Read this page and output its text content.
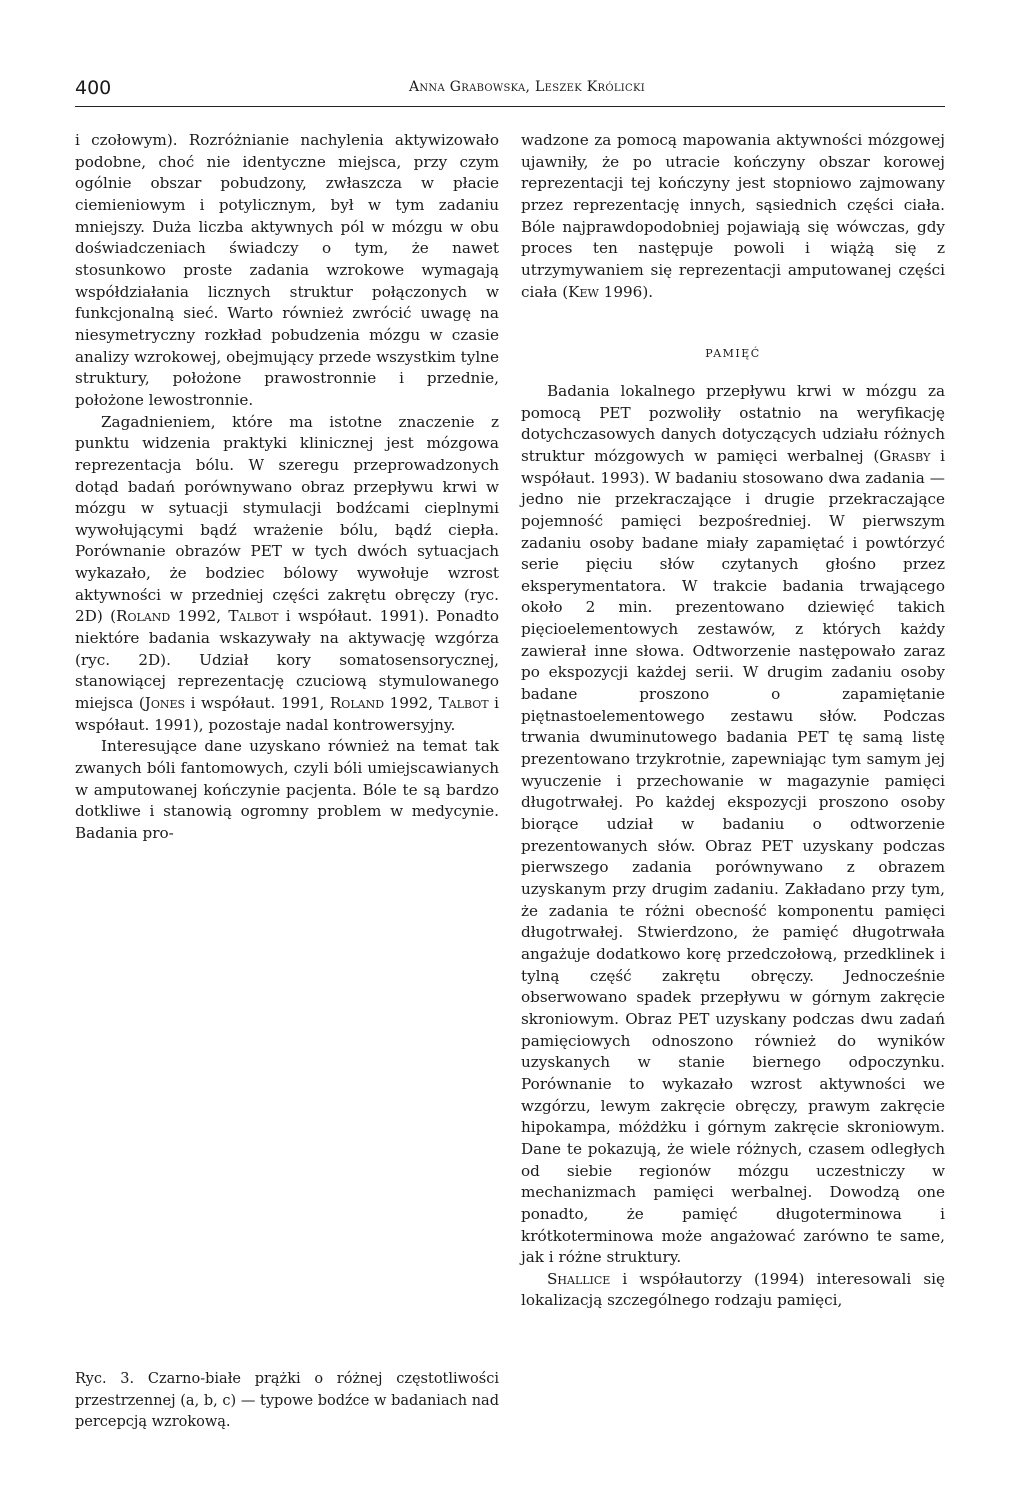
400	Anna Grabowska, Leszek Królicki

i czołowym). Rozróżnianie nachylenia aktywizowało podobne, choć nie identyczne miejsca, przy czym ogólnie obszar pobudzony, zwłaszcza w płacie ciemieniowym i potylicznym, był w tym zadaniu mniejszy. Duża liczba aktywnych pól w mózgu w obu doświadczeniach świadczy o tym, że nawet stosunkowo proste zadania wzrokowe wymagają współdziałania licznych struktur połączonych w funkcjonalną sieć. Warto również zwrócić uwagę na niesymetryczny rozkład pobudzenia mózgu w czasie analizy wzrokowej, obejmujący przede wszystkim tylne struktury, położone prawostronnie i przednie, położone lewostronnie.

Zagadnieniem, które ma istotne znaczenie z punktu widzenia praktyki klinicznej jest mózgowa reprezentacja bólu. W szeregu przeprowadzonych dotąd badań porównywano obraz przepływu krwi w mózgu w sytuacji stymulacji bodźcami cieplnymi wywołującymi bądź wrażenie bólu, bądź ciepła. Porównanie obrazów PET w tych dwóch sytuacjach wykazało, że bodziec bólowy wywołuje wzrost aktywności w przedniej części zakrętu obręczy (ryc. 2D) (Roland 1992, Talbot i współaut. 1991). Ponadto niektóre badania wskazywały na aktywację wzgórza (ryc. 2D). Udział kory somatosensorycznej, stanowiącej reprezentację czuciową stymulowanego miejsca (Jones i współaut. 1991, Roland 1992, Talbot i współaut. 1991), pozostaje nadal kontrowersyjny.

Interesujące dane uzyskano również na temat tak zwanych bóli fantomowych, czyli bóli umiejscawianych w amputowanej kończynie pacjenta. Bóle te są bardzo dotkliwe i stanowią ogromny problem w medycynie. Badania pro-

Ryc. 3. Czarno-białe prążki o różnej częstotliwości przestrzennej (a, b, c) — typowe bodźce w badaniach nad percepcją wzrokową.

wadzone za pomocą mapowania aktywności mózgowej ujawniły, że po utracie kończyny obszar korowej reprezentacji tej kończyny jest stopniowo zajmowany przez reprezentację innych, sąsiednich części ciała. Bóle najprawdopodobniej pojawiają się wówczas, gdy proces ten następuje powoli i wiążą się z utrzymywaniem się reprezentacji amputowanej części ciała (Kew 1996).

PAMIĘĆ

Badania lokalnego przepływu krwi w mózgu za pomocą PET pozwoliły ostatnio na weryfikację dotychczasowych danych dotyczących udziału różnych struktur mózgowych w pamięci werbalnej (Grasby i współaut. 1993). W badaniu stosowano dwa zadania — jedno nie przekraczające i drugie przekraczające pojemność pamięci bezpośredniej. W pierwszym zadaniu osoby badane miały zapamiętać i powtórzyć serie pięciu słów czytanych głośno przez eksperymentatora. W trakcie badania trwającego około 2 min. prezentowano dziewięć takich pięcioelementowych zestawów, z których każdy zawierał inne słowa. Odtworzenie następowało zaraz po ekspozycji każdej serii. W drugim zadaniu osoby badane proszono o zapamiętanie piętnastoelementowego zestawu słów. Podczas trwania dwuminutowego badania PET tę samą listę prezentowano trzykrotnie, zapewniając tym samym jej wyuczenie i przechowanie w magazynie pamięci długotrwałej. Po każdej ekspozycji proszono osoby biorące udział w badaniu o odtworzenie prezentowanych słów. Obraz PET uzyskany podczas pierwszego zadania porównywano z obrazem uzyskanym przy drugim zadaniu. Zakładano przy tym, że zadania te różni obecność komponentu pamięci długotrwałej. Stwierdzono, że pamięć długotrwała angażuje dodatkowo korę przedczołową, przedklinek i tylną część zakrętu obręczy. Jednocześnie obserwowano spadek przepływu w górnym zakręcie skroniowym. Obraz PET uzyskany podczas dwu zadań pamięciowych odnoszono również do wyników uzyskanych w stanie biernego odpoczynku. Porównanie to wykazało wzrost aktywności we wzgórzu, lewym zakręcie obręczy, prawym zakręcie hipokampa, móżdżku i górnym zakręcie skroniowym. Dane te pokazują, że wiele różnych, czasem odległych od siebie regionów mózgu uczestniczy w mechanizmach pamięci werbalnej. Dowodzą one ponadto, że pamięć długoterminowa i krótkoterminowa może angażować zarówno te same, jak i różne struktury.

Shallice i współautorzy (1994) interesowali się lokalizacją szczególnego rodzaju pamięci,
